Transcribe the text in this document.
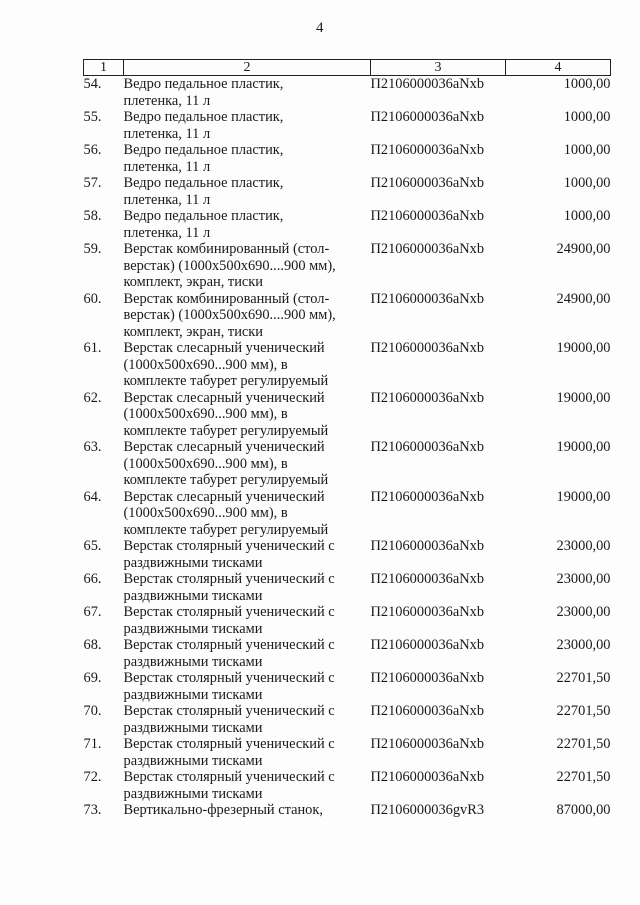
4
1	2	3	4
54.	Ведро педальное пластик,
плетенка, 11 л	П2106000036aNxb	1000,00
55.	Ведро педальное пластик,
плетенка, 11 л	П2106000036aNxb	1000,00
56.	Ведро педальное пластик,
плетенка, 11 л	П2106000036aNxb	1000,00
57.	Ведро педальное пластик,
плетенка, 11 л	П2106000036aNxb	1000,00
58.	Ведро педальное пластик,
плетенка, 11 л	П2106000036aNxb	1000,00
59.	Верстак комбинированный (стол-
верстак) (1000x500x690....900 мм),
комплект, экран, тиски	П2106000036aNxb	24900,00
60.	Верстак комбинированный (стол-
верстак) (1000x500x690....900 мм),
комплект, экран, тиски	П2106000036aNxb	24900,00
61.	Верстак слесарный ученический
(1000x500x690...900 мм), в
комплекте табурет регулируемый	П2106000036aNxb	19000,00
62.	Верстак слесарный ученический
(1000x500x690...900 мм), в
комплекте табурет регулируемый	П2106000036aNxb	19000,00
63.	Верстак слесарный ученический
(1000x500x690...900 мм), в
комплекте табурет регулируемый	П2106000036aNxb	19000,00
64.	Верстак слесарный ученический
(1000x500x690...900 мм), в
комплекте табурет регулируемый	П2106000036aNxb	19000,00
65.	Верстак столярный ученический с
раздвижными тисками	П2106000036aNxb	23000,00
66.	Верстак столярный ученический с
раздвижными тисками	П2106000036aNxb	23000,00
67.	Верстак столярный ученический с
раздвижными тисками	П2106000036aNxb	23000,00
68.	Верстак столярный ученический с
раздвижными тисками	П2106000036aNxb	23000,00
69.	Верстак столярный ученический с
раздвижными тисками	П2106000036aNxb	22701,50
70.	Верстак столярный ученический с
раздвижными тисками	П2106000036aNxb	22701,50
71.	Верстак столярный ученический с
раздвижными тисками	П2106000036aNxb	22701,50
72.	Верстак столярный ученический с
раздвижными тисками	П2106000036aNxb	22701,50
73.	Вертикально-фрезерный станок,	П2106000036gvR3	87000,00
